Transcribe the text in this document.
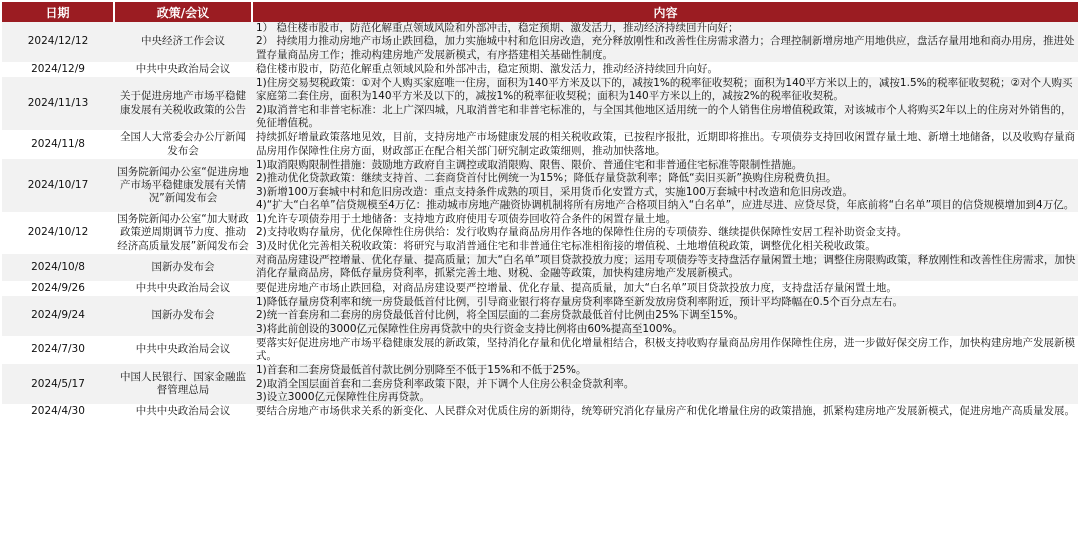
日期	政策/会议	内容
2024/12/12	中央经济工作会议	1） 稳住楼市股市，防范化解重点领域风险和外部冲击，稳定预期、激发活力，推动经济持续回升向好；
2） 持续用力推动房地产市场止跌回稳，加力实施城中村和危旧房改造，充分释放刚性和改善性住房需求潜力；合理控制新增房地产用地供应，盘活存量用地和商办用房，推进处置存量商品房工作；推动构建房地产发展新模式，有序搭建相关基础性制度。

2024/12/9	中共中央政治局会议	稳住楼市股市，防范化解重点领域风险和外部冲击，稳定预期、激发活力，推动经济持续回升向好。

2024/11/13	关于促进房地产市场平稳健康发展有关税收政策的公告	1)住房交易契税政策：①对个人购买家庭唯一住房，面积为140平方米及以下的，减按1%的税率征收契税；面积为140平方米以上的，减按1.5%的税率征收契税；②对个人购买家庭第二套住房，面积为140平方米及以下的，减按1%的税率征收契税；面积为140平方米以上的，减按2%的税率征收契税。
2)取消普宅和非普宅标准：北上广深四城，凡取消普宅和非普宅标准的，与全国其他地区适用统一的个人销售住房增值税政策，对该城市个人将购买2年以上的住房对外销售的，免征增值税。

2024/11/8	全国人大常委会办公厅新闻发布会	持续抓好增量政策落地见效，目前，支持房地产市场健康发展的相关税收政策，已按程序报批，近期即将推出。专项债券支持回收闲置存量土地、新增土地储备，以及收购存量商品房用作保障性住房方面，财政部正在配合相关部门研究制定政策细则，推动加快落地。

2024/10/17	国务院新闻办公室“促进房地产市场平稳健康发展有关情况”新闻发布会	1)取消限购限制性措施：鼓励地方政府自主调控或取消限购、限售、限价、普通住宅和非普通住宅标准等限制性措施。
2)推动优化贷款政策：继续支持首、二套商贷首付比例统一为15%；降低存量贷款利率；降低“卖旧买新”换购住房税费负担。
3)新增100万套城中村和危旧房改造：重点支持条件成熟的项目，采用货币化安置方式，实施100万套城中村改造和危旧房改造。
4)“扩大“白名单”信贷规模至4万亿：推动城市房地产融资协调机制将所有房地产合格项目纳入“白名单”，应进尽进、应贷尽贷，年底前将“白名单”项目的信贷规模增加到4万亿。

2024/10/12	国务院新闻办公室“加大财政政策逆周期调节力度、推动经济高质量发展”新闻发布会	1)允许专项债券用于土地储备：支持地方政府使用专项债券回收符合条件的闲置存量土地。
2)支持收购存量房，优化保障性住房供给：发行收购存量商品房用作各地的保障性住房的专项债券、继续提供保障性安居工程补助资金支持。
3)及时优化完善相关税收政策：将研究与取消普通住宅和非普通住宅标准相衔接的增值税、土地增值税政策，调整优化相关税收政策。

2024/10/8	国新办发布会	对商品房建设严控增量、优化存量、提高质量；加大“白名单”项目贷款投放力度；运用专项债券等支持盘活存量闲置土地；调整住房限购政策，释放刚性和改善性住房需求，加快消化存量商品房，降低存量房贷利率，抓紧完善土地、财税、金融等政策，加快构建房地产发展新模式。

2024/9/26	中共中央政治局会议	要促进房地产市场止跌回稳，对商品房建设要严控增量、优化存量、提高质量，加大“白名单”项目贷款投放力度，支持盘活存量闲置土地。

2024/9/24	国新办发布会	1)降低存量房贷利率和统一房贷最低首付比例，引导商业银行将存量房贷利率降至新发放房贷利率附近，预计平均降幅在0.5个百分点左右。
2)统一首套房和二套房的房贷最低首付比例，将全国层面的二套房贷款最低首付比例由25%下调至15%。
3)将此前创设的3000亿元保障性住房再贷款中的央行资金支持比例将由60%提高至100%。

2024/7/30	中共中央政治局会议	要落实好促进房地产市场平稳健康发展的新政策，坚持消化存量和优化增量相结合，积极支持收购存量商品房用作保障性住房，进一步做好保交房工作，加快构建房地产发展新模式。

2024/5/17	中国人民银行、国家金融监督管理总局	1)首套和二套房贷最低首付款比例分别降至不低于15%和不低于25%。
2)取消全国层面首套和二套房贷利率政策下限，并下调个人住房公积金贷款利率。
3)设立3000亿元保障性住房再贷款。

2024/4/30	中共中央政治局会议	要结合房地产市场供求关系的新变化、人民群众对优质住房的新期待，统筹研究消化存量房产和优化增量住房的政策措施，抓紧构建房地产发展新模式，促进房地产高质量发展。
